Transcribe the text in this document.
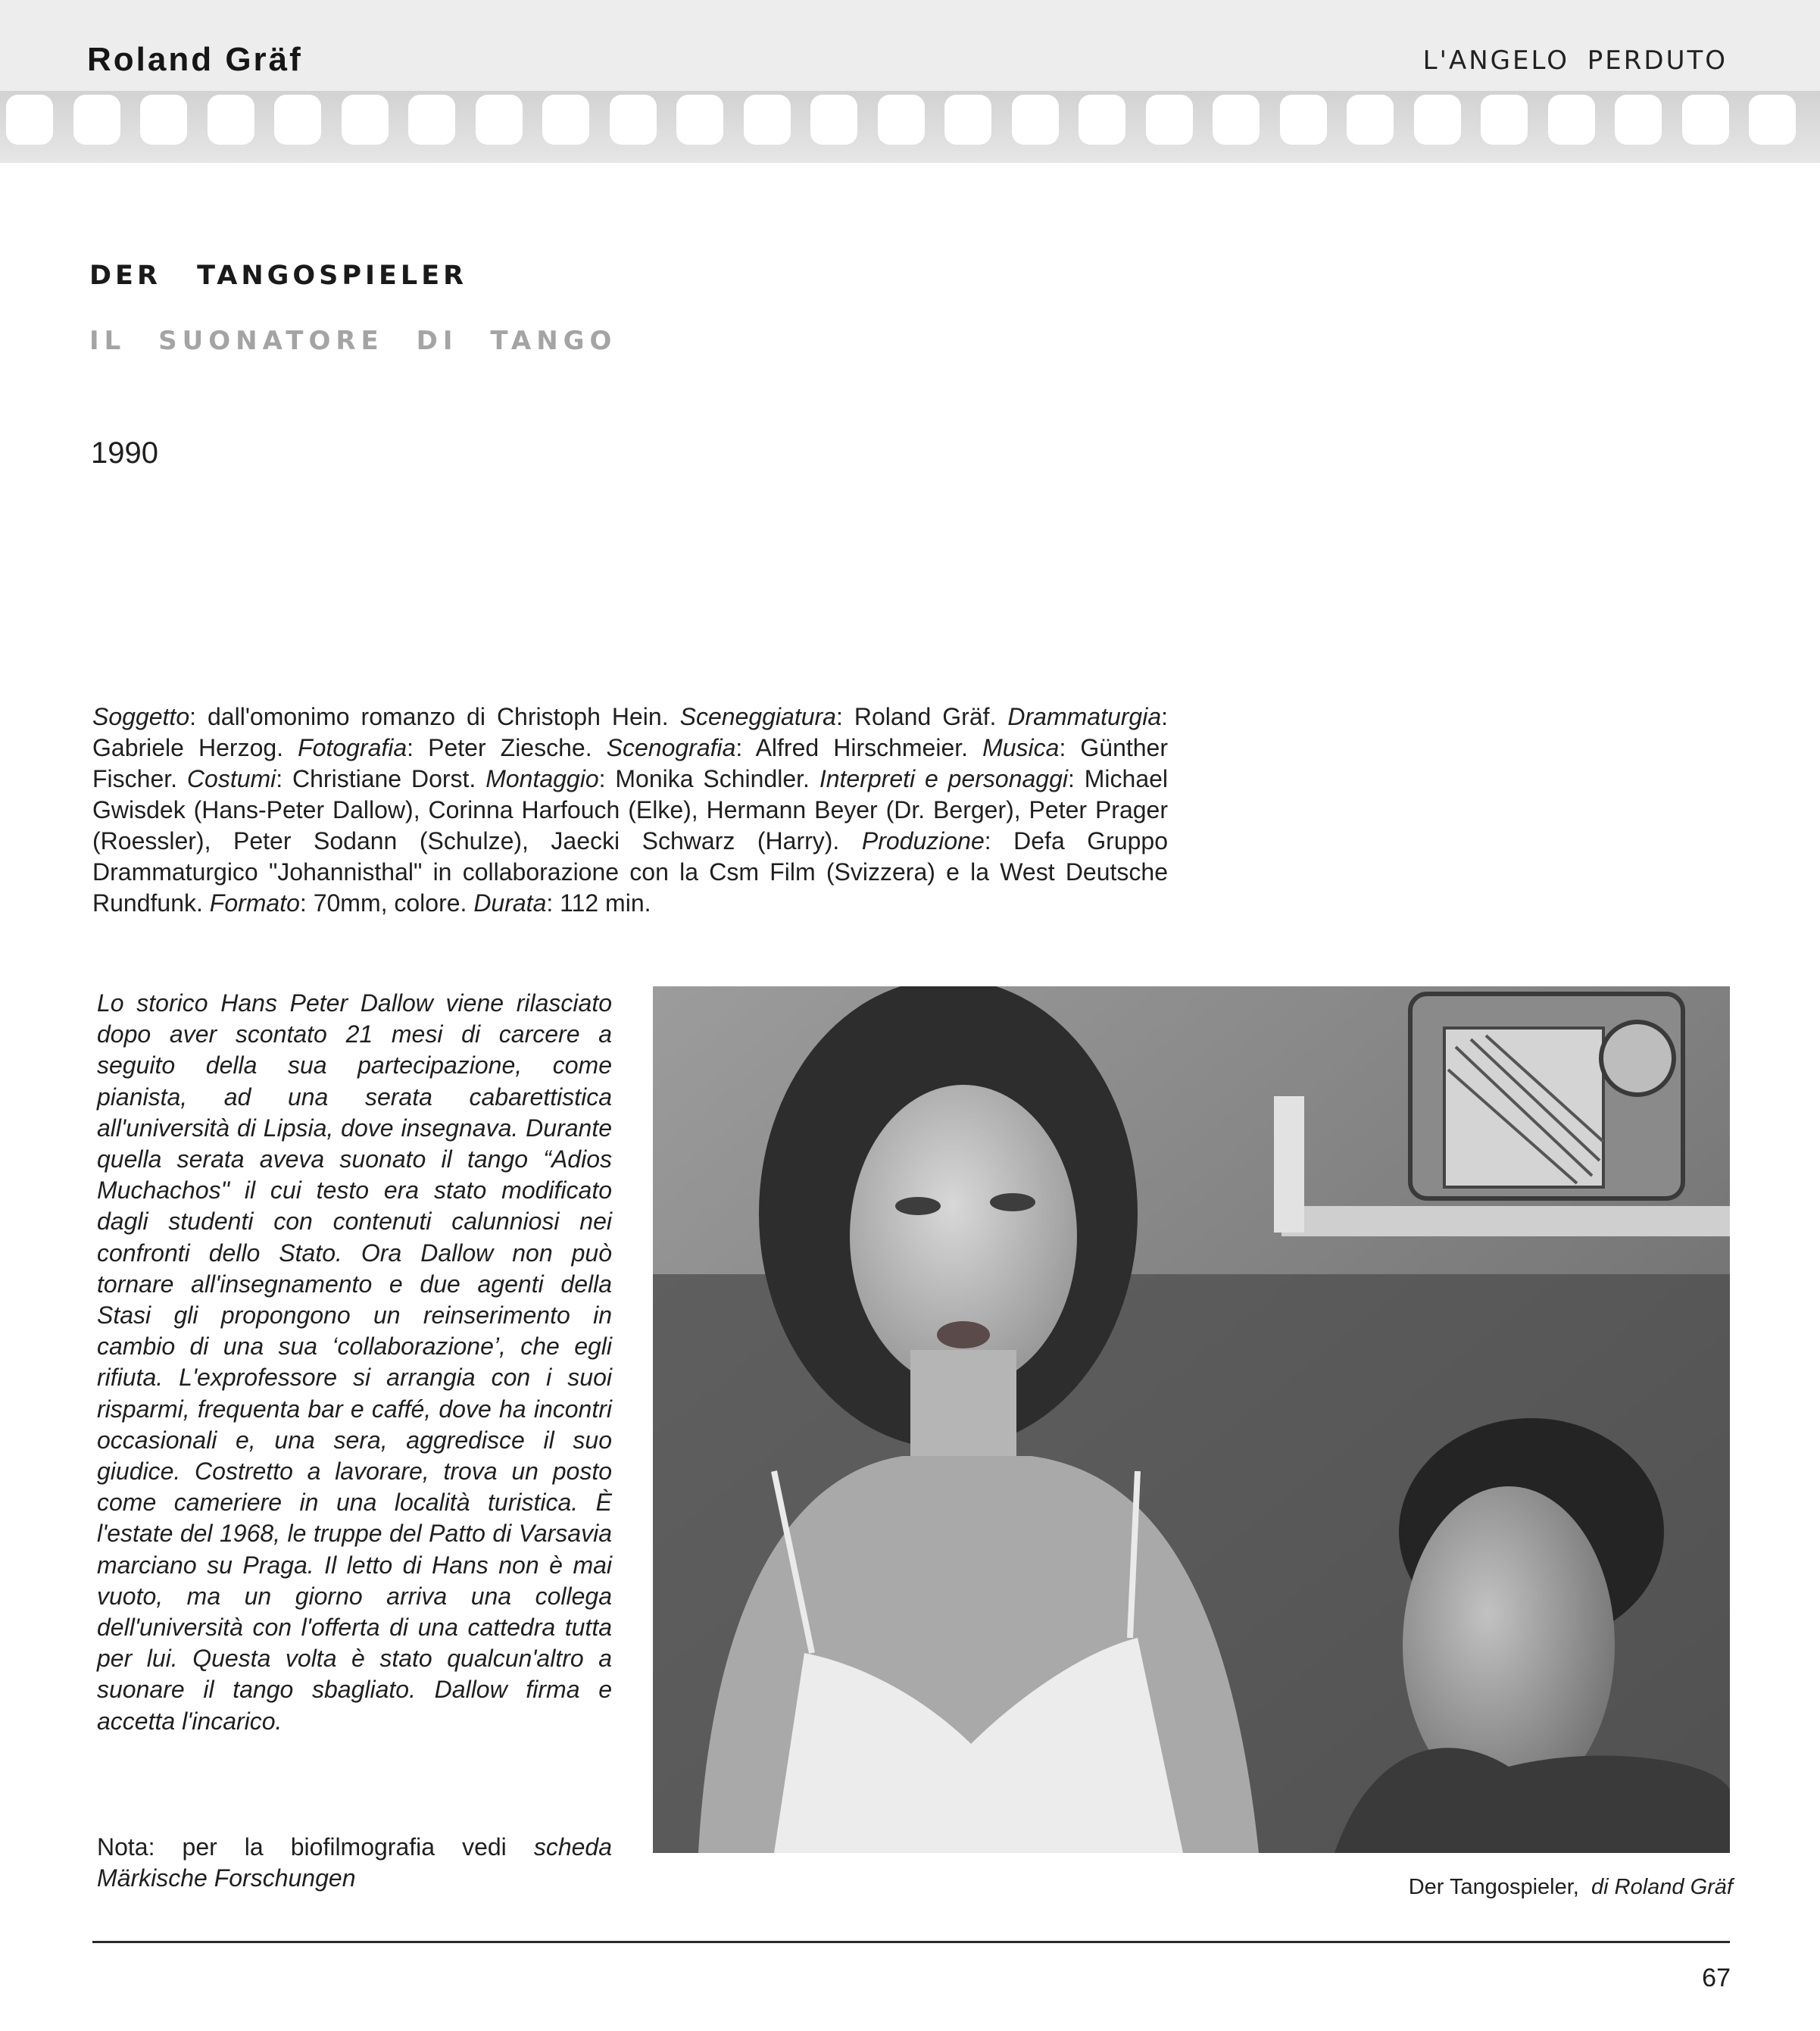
Roland Gräf	L'ANGELO PERDUTO
DER TANGOSPIELER
IL SUONATORE DI TANGO
1990
Soggetto: dall'omonimo romanzo di Christoph Hein. Sceneggiatura: Roland Gräf. Drammaturgia: Gabriele Herzog. Fotografia: Peter Ziesche. Scenografia: Alfred Hirschmeier. Musica: Günther Fischer. Costumi: Christiane Dorst. Montaggio: Monika Schindler. Interpreti e personaggi: Michael Gwisdek (Hans-Peter Dallow), Corinna Harfouch (Elke), Hermann Beyer (Dr. Berger), Peter Prager (Roessler), Peter Sodann (Schulze), Jaecki Schwarz (Harry). Produzione: Defa Gruppo Drammaturgico "Johannisthal" in collaborazione con la Csm Film (Svizzera) e la West Deutsche Rundfunk. Formato: 70mm, colore. Durata: 112 min.
Lo storico Hans Peter Dallow viene rilasciato dopo aver scontato 21 mesi di carcere a seguito della sua partecipazione, come pianista, ad una serata cabarettistica all'università di Lipsia, dove insegnava. Durante quella serata aveva suonato il tango “Adios Muchachos" il cui testo era stato modificato dagli studenti con contenuti calunniosi nei confronti dello Stato. Ora Dallow non può tornare all'insegnamento e due agenti della Stasi gli propongono un reinserimento in cambio di una sua ‘collaborazione’, che egli rifiuta. L'exprofessore si arrangia con i suoi risparmi, frequenta bar e caffé, dove ha incontri occasionali e, una sera, aggredisce il suo giudice. Costretto a lavorare, trova un posto come cameriere in una località turistica. È l'estate del 1968, le truppe del Patto di Varsavia marciano su Praga. Il letto di Hans non è mai vuoto, ma un giorno arriva una collega dell'università con l'offerta di una cattedra tutta per lui. Questa volta è stato qualcun'altro a suonare il tango sbagliato. Dallow firma e accetta l'incarico.
Nota: per la biofilmografia vedi scheda Märkische Forschungen	Der Tangospieler, di Roland Gräf
67
